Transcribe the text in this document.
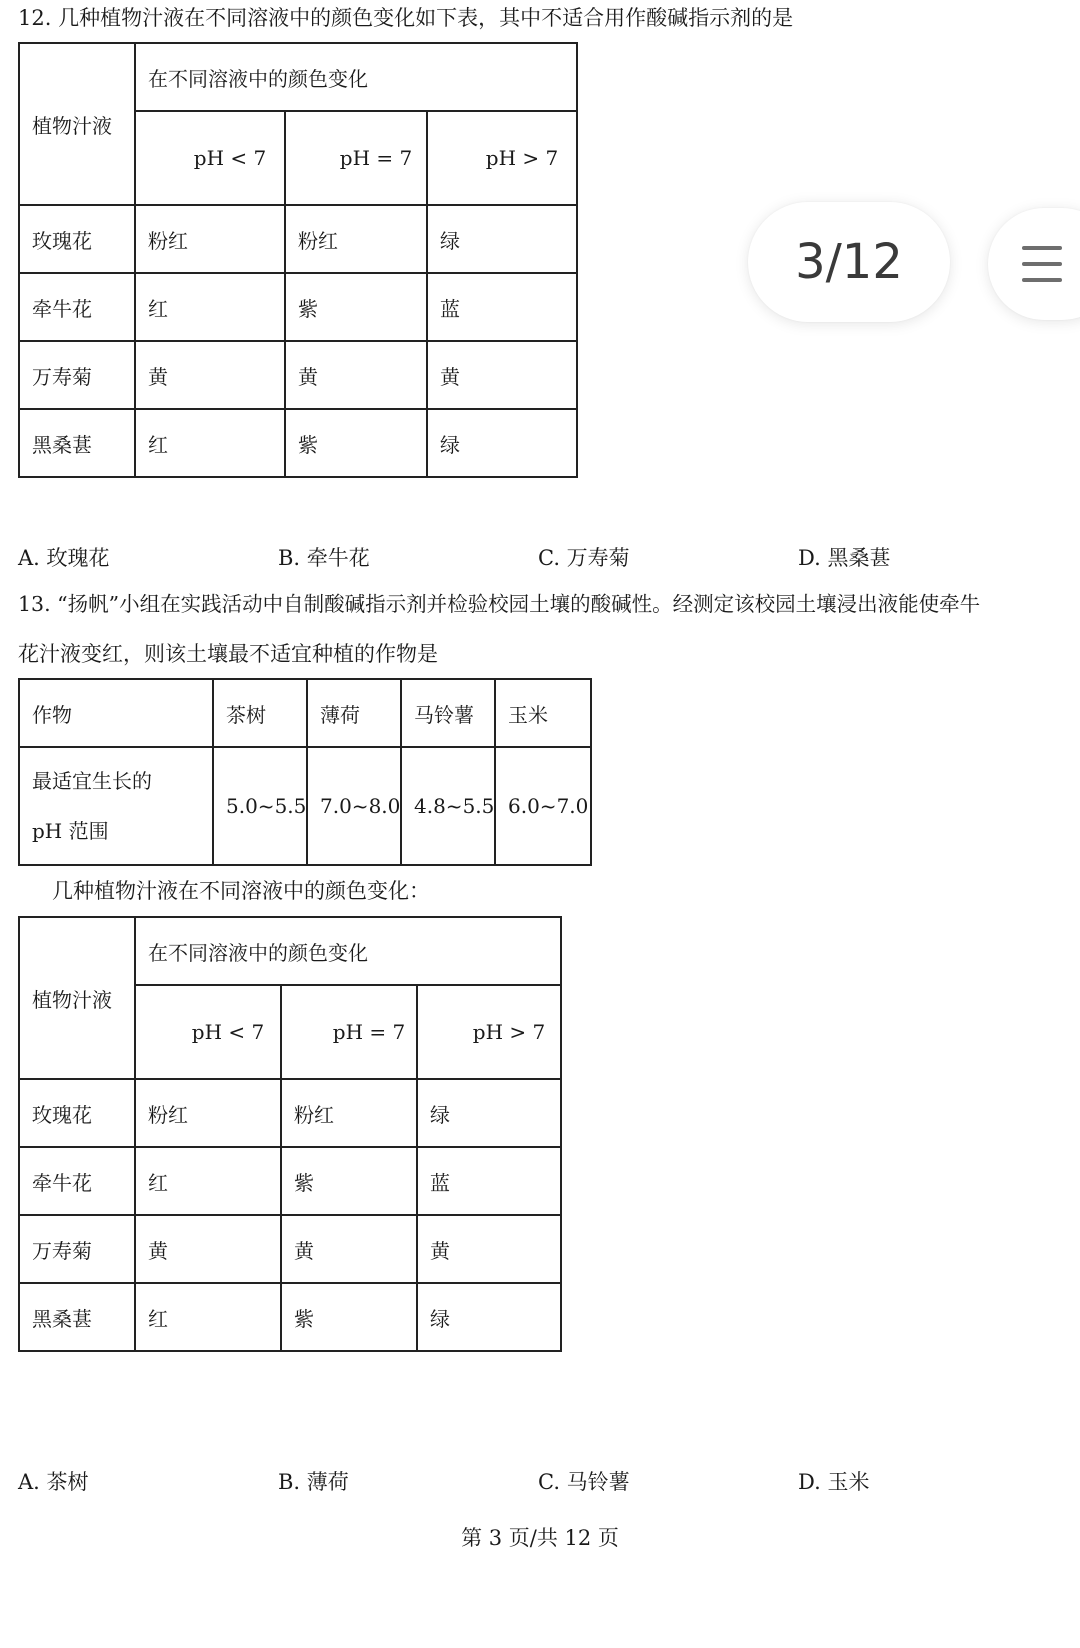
12. 几种植物汁液在不同溶液中的颜色变化如下表，其中不适合用作酸碱指示剂的是
植物汁液	在不同溶液中的颜色变化		
	pH < 7	pH = 7	pH > 7
玫瑰花	粉红	粉红	绿
牵牛花	红	紫	蓝
万寿菊	黄	黄	黄
黑桑葚	红	紫	绿
A. 玫瑰花	B. 牵牛花	C. 万寿菊	D. 黑桑葚
13. “扬帆”小组在实践活动中自制酸碱指示剂并检验校园土壤的酸碱性。经测定该校园土壤浸出液能使牵牛
花汁液变红，则该土壤最不适宜种植的作物是
作物	茶树	薄荷	马铃薯	玉米

最适宜生长的
pH 范围	5.0~5.5	7.0~8.0	4.8~5.5	6.0~7.0
几种植物汁液在不同溶液中的颜色变化：
植物汁液	在不同溶液中的颜色变化		
	pH < 7	pH = 7	pH > 7
玫瑰花	粉红	粉红	绿
牵牛花	红	紫	蓝
万寿菊	黄	黄	黄
黑桑葚	红	紫	绿
A. 茶树	B. 薄荷	C. 马铃薯	D. 玉米
第 3 页/共 12 页
3/12
